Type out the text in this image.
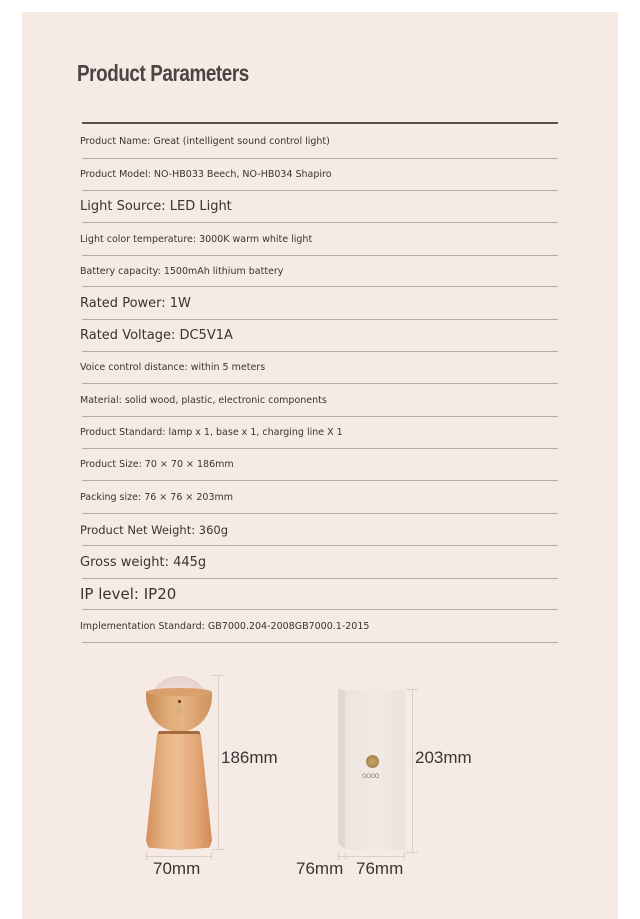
Product Parameters
Product Name: Great (intelligent sound control light)
Product Model: NO-HB033 Beech, NO-HB034 Shapiro
Light Source: LED Light
Light color temperature: 3000K warm white light
Battery capacity: 1500mAh lithium battery
Rated Power: 1W
Rated Voltage: DC5V1A
Voice control distance: within 5 meters
Material: solid wood, plastic, electronic components
Product Standard: lamp x 1, base x 1, charging line X 1
Product Size: 70 × 70 × 186mm
Packing size: 76 × 76 × 203mm
Product Net Weight: 360g
Gross weight: 445g
IP level: IP20
Implementation Standard: GB7000.204-2008GB7000.1-2015
186mm
70mm
OOOO
203mm
76mm 76mm
